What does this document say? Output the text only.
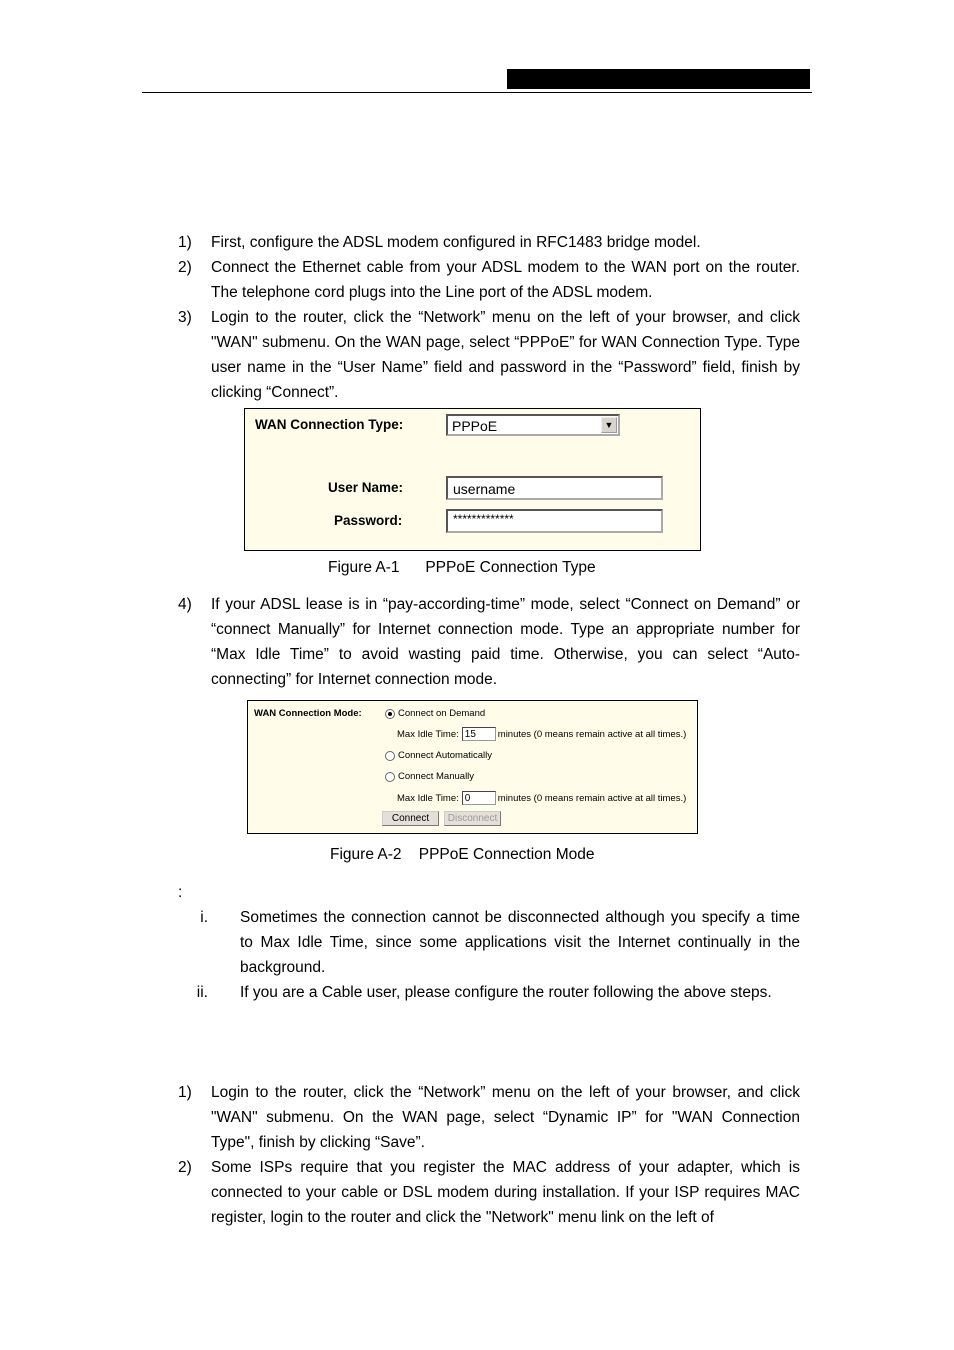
1) First, configure the ADSL modem configured in RFC1483 bridge model.
2) Connect the Ethernet cable from your ADSL modem to the WAN port on the router. The telephone cord plugs into the Line port of the ADSL modem.
3) Login to the router, click the “Network” menu on the left of your browser, and click "WAN" submenu. On the WAN page, select “PPPoE” for WAN Connection Type. Type user name in the “User Name” field and password in the “Password” field, finish by clicking “Connect”.
WAN Connection Type:	PPPoE	▼
User Name:	username
Password:	*************
Figure A-1      PPPoE Connection Type
4) If your ADSL lease is in “pay-according-time” mode, select “Connect on Demand” or “connect Manually” for Internet connection mode. Type an appropriate number for “Max Idle Time” to avoid wasting paid time. Otherwise, you can select “Auto-connecting” for Internet connection mode.
WAN Connection Mode:	Connect on Demand
Max Idle Time: 15	minutes (0 means remain active at all times.)
Connect Automatically
Connect Manually
Max Idle Time: 0	minutes (0 means remain active at all times.)
Connect	Disconnect
Figure A-2    PPPoE Connection Mode
:
i. Sometimes the connection cannot be disconnected although you specify a time to Max Idle Time, since some applications visit the Internet continually in the background.
ii. If you are a Cable user, please configure the router following the above steps.
1) Login to the router, click the “Network” menu on the left of your browser, and click "WAN" submenu. On the WAN page, select “Dynamic IP” for "WAN Connection Type", finish by clicking “Save”.
2) Some ISPs require that you register the MAC address of your adapter, which is connected to your cable or DSL modem during installation. If your ISP requires MAC register, login to the router and click the "Network" menu link on the left of
